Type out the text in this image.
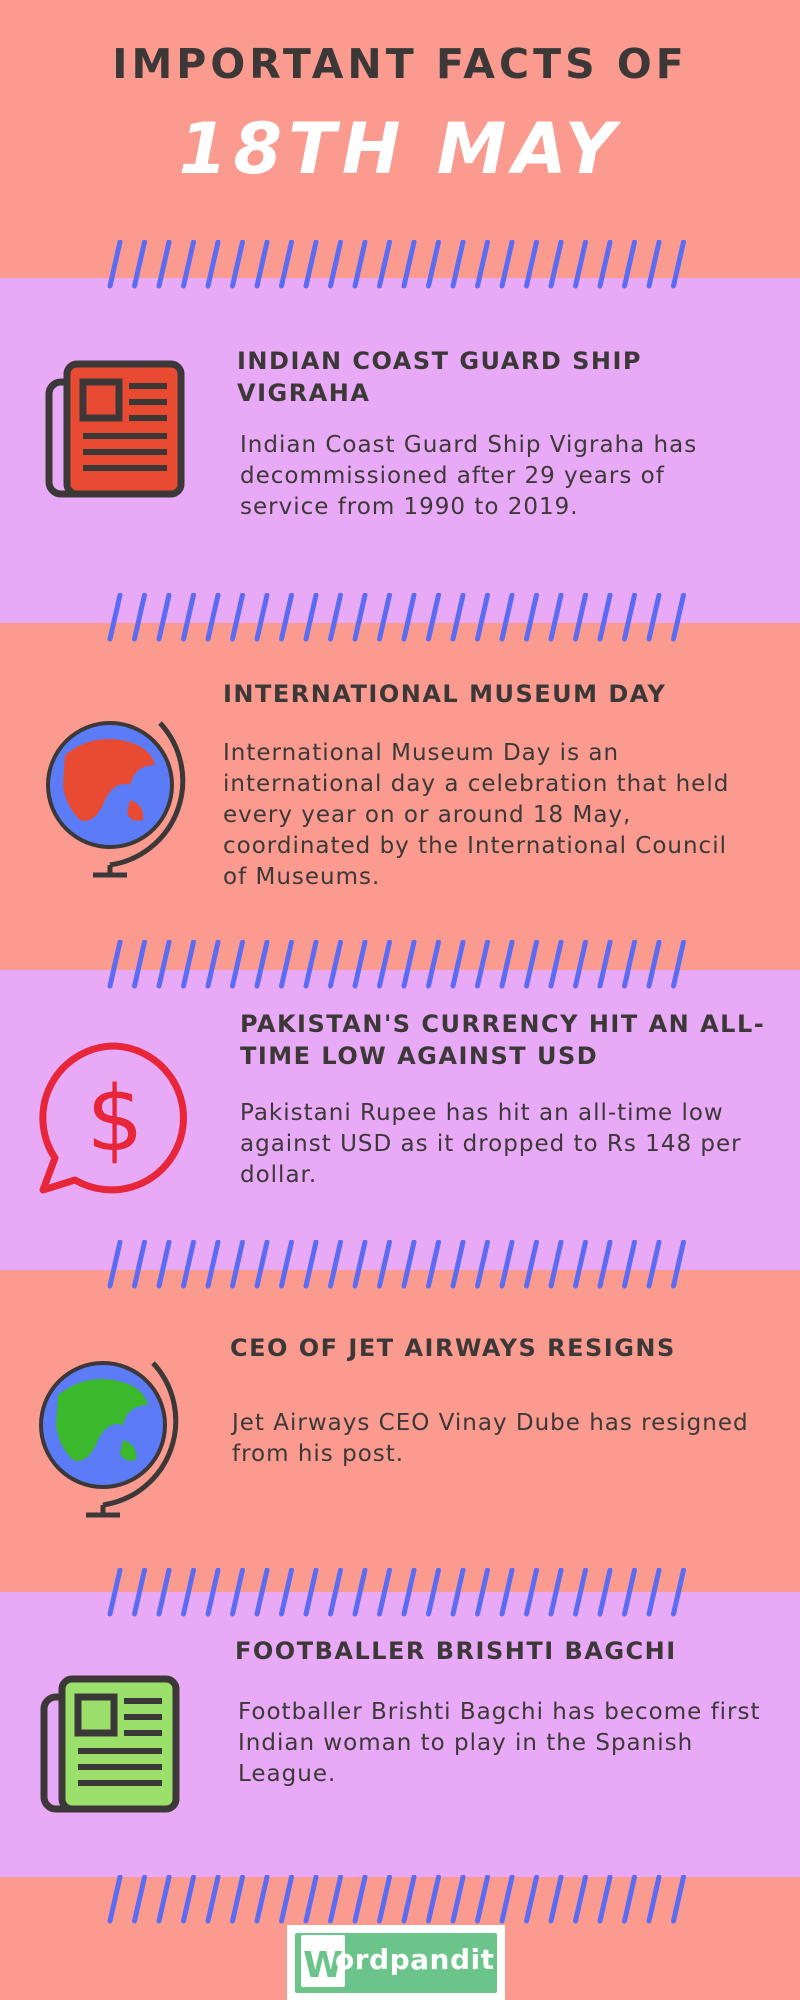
IMPORTANT FACTS OF
18TH MAY
INDIAN COAST GUARD SHIP VIGRAHA
Indian Coast Guard Ship Vigraha has decommissioned after 29 years of service from 1990 to 2019.
INTERNATIONAL MUSEUM DAY
International Museum Day is an international day a celebration that held every year on or around 18 May, coordinated by the International Council of Museums.
$
PAKISTAN'S CURRENCY HIT AN ALL-TIME LOW AGAINST USD
Pakistani Rupee has hit an all-time low against USD as it dropped to Rs 148 per dollar.
CEO OF JET AIRWAYS RESIGNS
Jet Airways CEO Vinay Dube has resigned from his post.
FOOTBALLER BRISHTI BAGCHI
Footballer Brishti Bagchi has become first Indian woman to play in the Spanish League.
W
ordpandit
